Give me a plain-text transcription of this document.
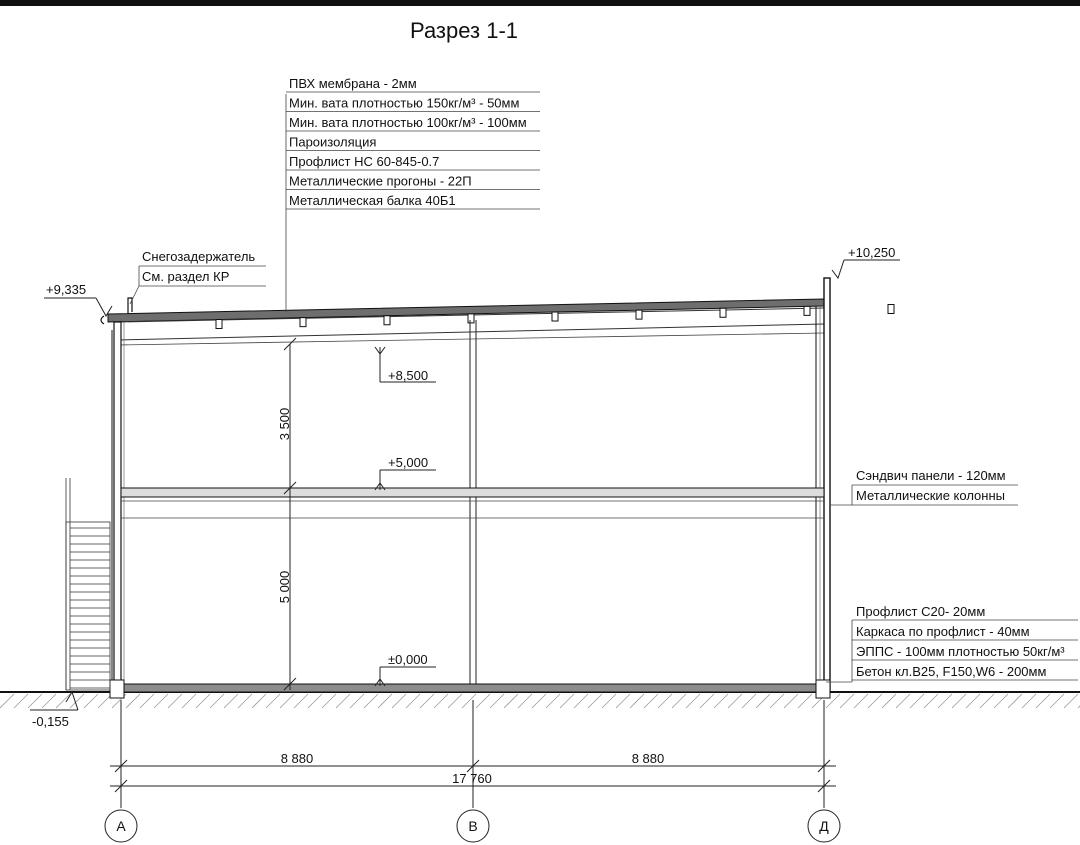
Разрез 1-1
3 500
5 000
+8,500
+5,000
±0,000
+9,335
+10,250
-0,155
ПВХ мембрана - 2мм
Мин. вата плотностью 150кг/м³ - 50мм
Мин. вата плотностью 100кг/м³ - 100мм
Пароизоляция
Профлист НС 60-845-0.7
Металлические прогоны - 22П
Металлическая балка 40Б1
Снегозадержатель
См. раздел КР
Сэндвич панели - 120мм
Металлические колонны
Профлист С20- 20мм
Каркаса по профлист - 40мм
ЭППС - 100мм плотностью 50кг/м³
Бетон кл.В25, F150,W6 - 200мм
8 880	8 880
17 760
А	В	Д
